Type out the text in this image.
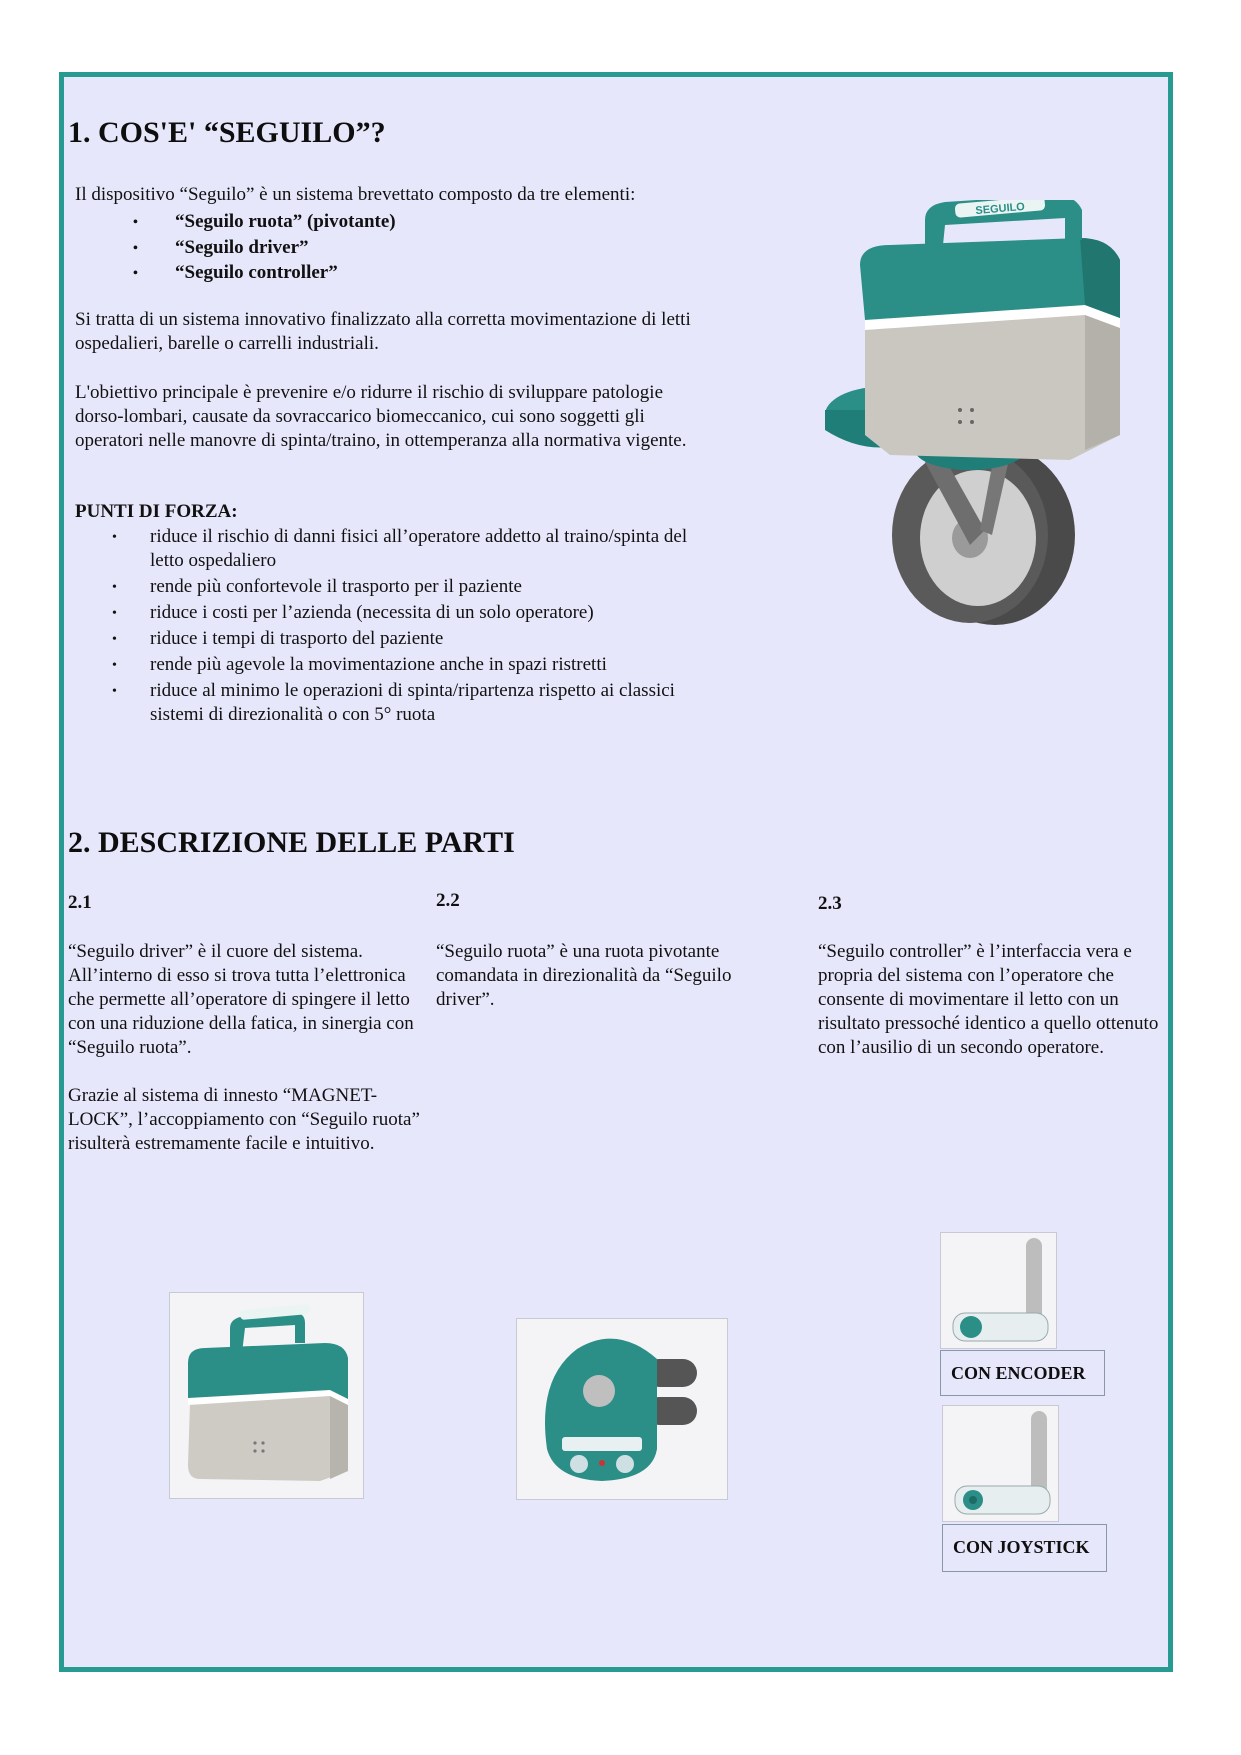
1. COS'E' “SEGUILO”?
Il dispositivo “Seguilo” è un sistema brevettato composto da tre elementi:
• “Seguilo ruota” (pivotante)
• “Seguilo driver”
• “Seguilo controller”
Si tratta di un sistema innovativo finalizzato alla corretta movimentazione di letti ospedalieri, barelle o carrelli industriali.
L'obiettivo principale è prevenire e/o ridurre il rischio di sviluppare patologie dorso-lombari, causate da sovraccarico biomeccanico, cui sono soggetti gli operatori nelle manovre di spinta/traino, in ottemperanza alla normativa vigente.
PUNTI DI FORZA:
• riduce il rischio di danni fisici all’operatore addetto al traino/spinta del letto ospedaliero
• rende più confortevole il trasporto per il paziente
• riduce i costi per l’azienda (necessita di un solo operatore)
• riduce i tempi di trasporto del paziente
• rende più agevole la movimentazione anche in spazi ristretti
• riduce al minimo le operazioni di spinta/ripartenza rispetto ai classici sistemi di direzionalità o con 5° ruota
SEGUILO
2. DESCRIZIONE DELLE PARTI
2.1
“Seguilo driver” è il cuore del sistema. All’interno di esso si trova tutta l’elettronica che permette all’operatore di spingere il letto con una riduzione della fatica, in sinergia con “Seguilo ruota”.
Grazie al sistema di innesto “MAGNET-LOCK”, l’accoppiamento con “Seguilo ruota” risulterà estremamente facile e intuitivo.
2.2
“Seguilo ruota” è una ruota pivotante comandata in direzionalità da “Seguilo driver”.
2.3
“Seguilo controller” è l’interfaccia vera e propria del sistema con l’operatore che consente di movimentare il letto con un risultato pressoché identico a quello ottenuto con l’ausilio di un secondo operatore.
CON ENCODER
CON JOYSTICK
